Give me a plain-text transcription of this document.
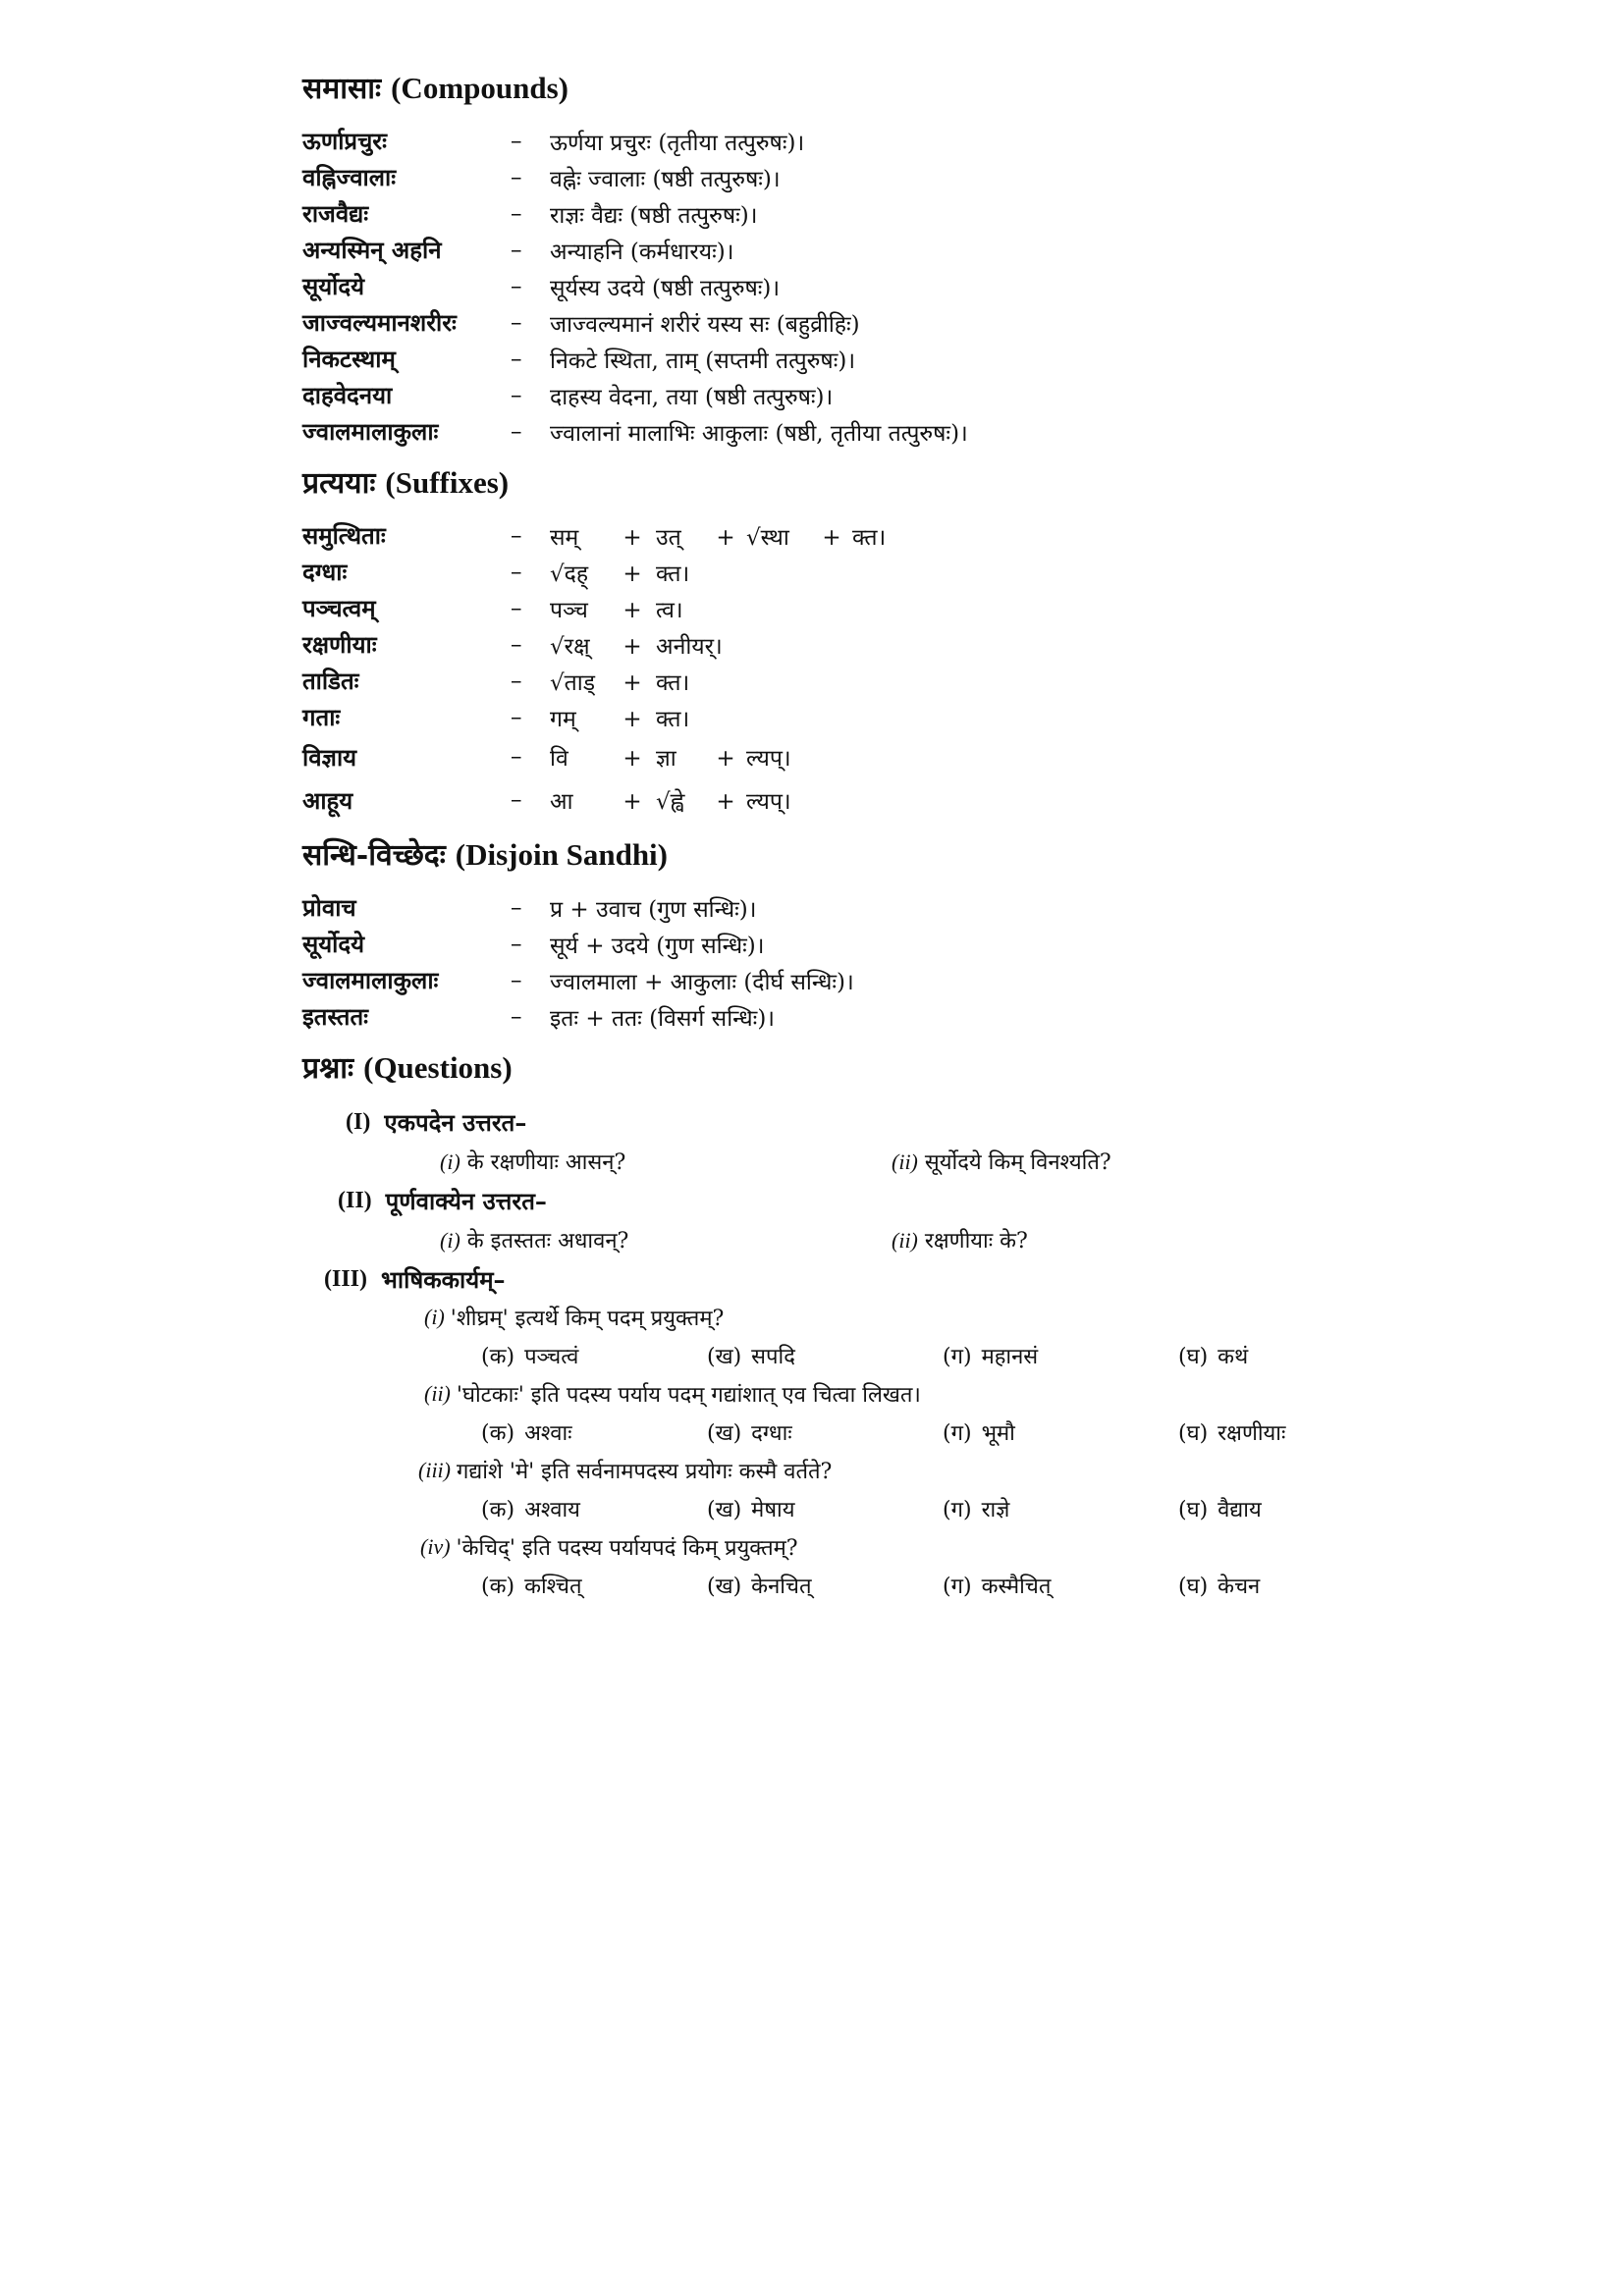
समासाः (Compounds)
ऊर्णाप्रचुरः	–	ऊर्णया प्रचुरः (तृतीया तत्पुरुषः)।
वह्निज्वालाः	–	वह्नेः ज्वालाः (षष्ठी तत्पुरुषः)।
राजवैद्यः	–	राज्ञः वैद्यः (षष्ठी तत्पुरुषः)।
अन्यस्मिन् अहनि	–	अन्याहनि (कर्मधारयः)।
सूर्योदये	–	सूर्यस्य उदये (षष्ठी तत्पुरुषः)।
जाज्वल्यमानशरीरः	–	जाज्वल्यमानं शरीरं यस्य सः (बहुव्रीहिः)
निकटस्थाम्	–	निकटे स्थिता, ताम् (सप्तमी तत्पुरुषः)।
दाहवेदनया	–	दाहस्य वेदना, तया (षष्ठी तत्पुरुषः)।
ज्वालमालाकुलाः	–	ज्वालानां मालाभिः आकुलाः (षष्ठी, तृतीया तत्पुरुषः)।
प्रत्ययाः (Suffixes)
समुत्थिताः	–	सम् + उत् + √स्था + क्त।
दग्धाः	–	√दह् + क्त।
पञ्चत्वम्	–	पञ्च + त्व।
रक्षणीयाः	–	√रक्ष् + अनीयर्।
ताडितः	–	√ताड् + क्त।
गताः	–	गम् + क्त।
विज्ञाय	–	वि + ज्ञा + ल्यप्।
आहूय	–	आ + √ह्वे + ल्यप्।
सन्धि-विच्छेदः (Disjoin Sandhi)
प्रोवाच	–	प्र + उवाच (गुण सन्धिः)।
सूर्योदये	–	सूर्य + उदये (गुण सन्धिः)।
ज्वालमालाकुलाः	–	ज्वालमाला + आकुलाः (दीर्घ सन्धिः)।
इतस्ततः	–	इतः + ततः (विसर्ग सन्धिः)।
प्रश्नाः (Questions)
(I) एकपदेन उत्तरत–
(i) के रक्षणीयाः आसन्?	(ii) सूर्योदये किम् विनश्यति?
(II) पूर्णवाक्येन उत्तरत–
(i) के इतस्ततः अधावन्?	(ii) रक्षणीयाः के?
(III) भाषिककार्यम्–
(i) 'शीघ्रम्' इत्यर्थे किम् पदम् प्रयुक्तम्?
(क) पञ्चत्वं	(ख) सपदि	(ग) महानसं	(घ) कथं
(ii) 'घोटकाः' इति पदस्य पर्याय पदम् गद्यांशात् एव चित्वा लिखत।
(क) अश्वाः	(ख) दग्धाः	(ग) भूमौ	(घ) रक्षणीयाः
(iii) गद्यांशे 'मे' इति सर्वनामपदस्य प्रयोगः कस्मै वर्तते?
(क) अश्वाय	(ख) मेषाय	(ग) राज्ञे	(घ) वैद्याय
(iv) 'केचिद्' इति पदस्य पर्यायपदं किम् प्रयुक्तम्?
(क) कश्चित्	(ख) केनचित्	(ग) कस्मैचित्	(घ) केचन
